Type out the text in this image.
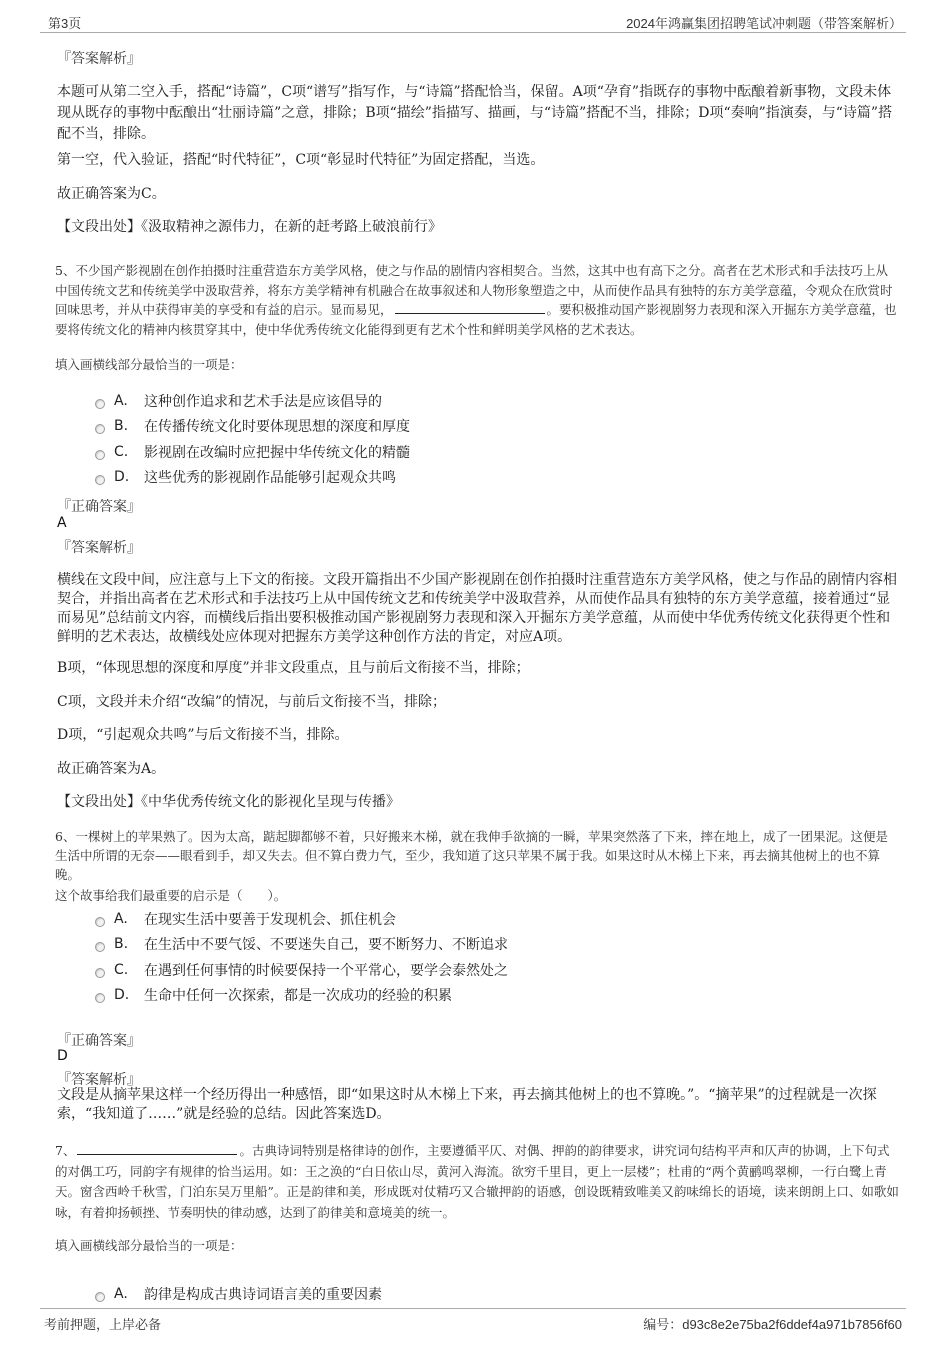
第3页	2024年鸿赢集团招聘笔试冲刺题（带答案解析）
『答案解析』
本题可从第二空入手，搭配“诗篇”，C项“谱写”指写作，与“诗篇”搭配恰当，保留。A项“孕育”指既存的事物中酝酿着新事物，文段未体现从既存的事物中酝酿出“壮丽诗篇”之意，排除；B项“描绘”指描写、描画，与“诗篇”搭配不当，排除；D项“奏响”指演奏，与“诗篇”搭配不当，排除。
第一空，代入验证，搭配“时代特征”，C项“彰显时代特征”为固定搭配，当选。
故正确答案为C。
【文段出处】《汲取精神之源伟力，在新的赶考路上破浪前行》
5、不少国产影视剧在创作拍摄时注重营造东方美学风格，使之与作品的剧情内容相契合。当然，这其中也有高下之分。高者在艺术形式和手法技巧上从中国传统文艺和传统美学中汲取营养，将东方美学精神有机融合在故事叙述和人物形象塑造之中，从而使作品具有独特的东方美学意蕴，令观众在欣赏时回味思考，并从中获得审美的享受和有益的启示。显而易见，	。要积极推动国产影视剧努力表现和深入开掘东方美学意蕴，也要将传统文化的精神内核贯穿其中，使中华优秀传统文化能得到更有艺术个性和鲜明美学风格的艺术表达。
填入画横线部分最恰当的一项是：
A.	这种创作追求和艺术手法是应该倡导的
B.	在传播传统文化时要体现思想的深度和厚度
C.	影视剧在改编时应把握中华传统文化的精髓
D.	这些优秀的影视剧作品能够引起观众共鸣
『正确答案』
A
『答案解析』
横线在文段中间，应注意与上下文的衔接。文段开篇指出不少国产影视剧在创作拍摄时注重营造东方美学风格，使之与作品的剧情内容相契合，并指出高者在艺术形式和手法技巧上从中国传统文艺和传统美学中汲取营养，从而使作品具有独特的东方美学意蕴，接着通过“显而易见”总结前文内容，而横线后指出要积极推动国产影视剧努力表现和深入开掘东方美学意蕴，从而使中华优秀传统文化获得更个性和鲜明的艺术表达，故横线处应体现对把握东方美学这种创作方法的肯定，对应A项。
B项，“体现思想的深度和厚度”并非文段重点，且与前后文衔接不当，排除；
C项，文段并未介绍“改编”的情况，与前后文衔接不当，排除；
D项，“引起观众共鸣”与后文衔接不当，排除。
故正确答案为A。
【文段出处】《中华优秀传统文化的影视化呈现与传播》
6、一棵树上的苹果熟了。因为太高，踮起脚都够不着，只好搬来木梯，就在我伸手欲摘的一瞬，苹果突然落了下来，摔在地上，成了一团果泥。这便是生活中所谓的无奈——眼看到手，却又失去。但不算白费力气，至少，我知道了这只苹果不属于我。如果这时从木梯上下来，再去摘其他树上的也不算晚。
这个故事给我们最重要的启示是（　　）。
A.	在现实生活中要善于发现机会、抓住机会
B.	在生活中不要气馁、不要迷失自己，要不断努力、不断追求
C.	在遇到任何事情的时候要保持一个平常心，要学会泰然处之
D.	生命中任何一次探索，都是一次成功的经验的积累
『正确答案』
D
『答案解析』
文段是从摘苹果这样一个经历得出一种感悟，即“如果这时从木梯上下来，再去摘其他树上的也不算晚。”。“摘苹果”的过程就是一次探索，“我知道了……”就是经验的总结。因此答案选D。
7、	。古典诗词特别是格律诗的创作，主要遵循平仄、对偶、押韵的韵律要求，讲究词句结构平声和仄声的协调，上下句式的对偶工巧，同韵字有规律的恰当运用。如：王之涣的“白日依山尽，黄河入海流。欲穷千里目，更上一层楼”；杜甫的“两个黄鹂鸣翠柳，一行白鹭上青天。窗含西岭千秋雪，门泊东吴万里船”。正是韵律和美，形成既对仗精巧又合辙押韵的语感，创设既精致唯美又韵味绵长的语境，读来朗朗上口、如歌如咏，有着抑扬顿挫、节奏明快的律动感，达到了韵律美和意境美的统一。
填入画横线部分最恰当的一项是：
A.	韵律是构成古典诗词语言美的重要因素
考前押题，上岸必备	编号：d93c8e2e75ba2f6ddef4a971b7856f60
